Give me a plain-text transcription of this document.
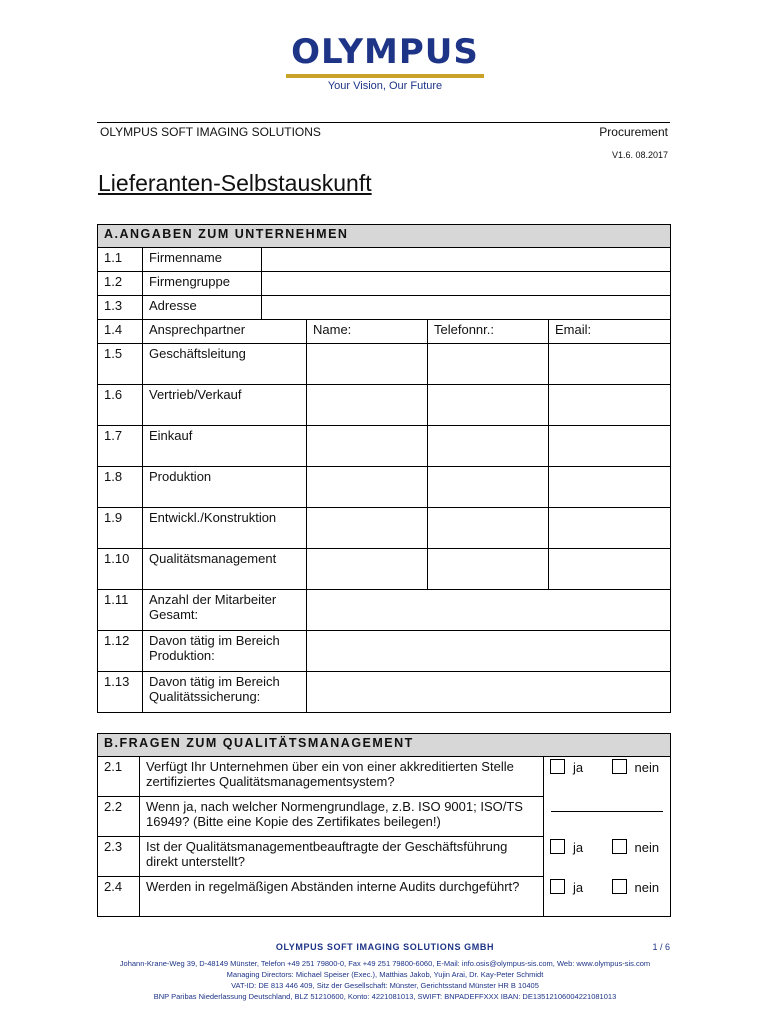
OLYMPUS
Your Vision, Our Future
OLYMPUS SOFT IMAGING SOLUTIONS	Procurement
V1.6. 08.2017
Lieferanten-Selbstauskunft
A.ANGABEN ZUM UNTERNEHMEN					
1.1	Firmenname				
1.2	Firmengruppe				
1.3	Adresse				
1.4	Ansprechpartner		Name:	Telefonnr.:	Email:
1.5	Geschäftsleitung				
1.6	Vertrieb/Verkauf				
1.7	Einkauf				
1.8	Produktion				
1.9	Entwickl./Konstruktion				
1.10	Qualitätsmanagement				
1.11	Anzahl der Mitarbeiter Gesamt:				
1.12	Davon tätig im Bereich Produktion:				
1.13	Davon tätig im Bereich Qualitätssicherung:				
B.FRAGEN ZUM QUALITÄTSMANAGEMENT			
2.1	Verfügt Ihr Unternehmen über ein von einer akkreditierten Stelle zertifiziertes Qualitätsmanagementsystem?	ja	nein
2.2	Wenn ja, nach welcher Normengrundlage, z.B. ISO 9001; ISO/TS 16949? (Bitte eine Kopie des Zertifikates beilegen!)		
2.3	Ist der Qualitätsmanagementbeauftragte der Geschäftsführung direkt unterstellt?	ja	nein
2.4	Werden in regelmäßigen Abständen interne Audits durchgeführt?	ja	nein
OLYMPUS SOFT IMAGING SOLUTIONS GMBH	1 / 6
Johann-Krane-Weg 39, D-48149 Münster, Telefon +49 251 79800-0, Fax +49 251 79800-6060, E-Mail: info.osis@olympus-sis.com, Web: www.olympus-sis.com
Managing Directors: Michael Speiser (Exec.), Matthias Jakob, Yujin Arai, Dr. Kay-Peter Schmidt
VAT-ID: DE 813 446 409, Sitz der Gesellschaft: Münster, Gerichtsstand Münster HR B 10405
BNP Paribas Niederlassung Deutschland, BLZ 51210600, Konto: 4221081013, SWIFT: BNPADEFFXXX IBAN: DE13512106004221081013
